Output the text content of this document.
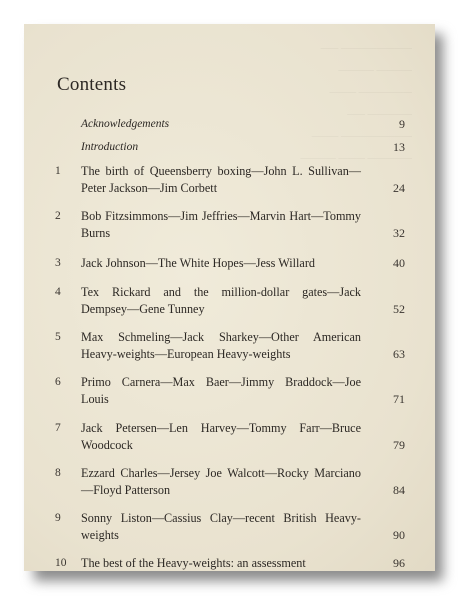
———————— ——
———— ————
—————— ———
————— ——
———————— ———
————— ——— ————
Contents
Acknowledgements	9
Introduction	13
1	The birth of Queensberry boxing—John L. Sullivan—Peter Jackson—Jim Corbett	24
2	Bob Fitzsimmons—Jim Jeffries—Marvin Hart—Tommy Burns	32
3	Jack Johnson—The White Hopes—Jess Willard	40
4	Tex Rickard and the million-dollar gates—Jack Dempsey—Gene Tunney	52
5	Max Schmeling—Jack Sharkey—Other American Heavy-weights—European Heavy-weights	63
6	Primo Carnera—Max Baer—Jimmy Braddock—Joe Louis	71
7	Jack Petersen—Len Harvey—Tommy Farr—Bruce Woodcock	79
8	Ezzard Charles—Jersey Joe Walcott—Rocky Marciano—Floyd Patterson	84
9	Sonny Liston—Cassius Clay—recent British Heavy-weights	90
10	The best of the Heavy-weights: an assessment	96
